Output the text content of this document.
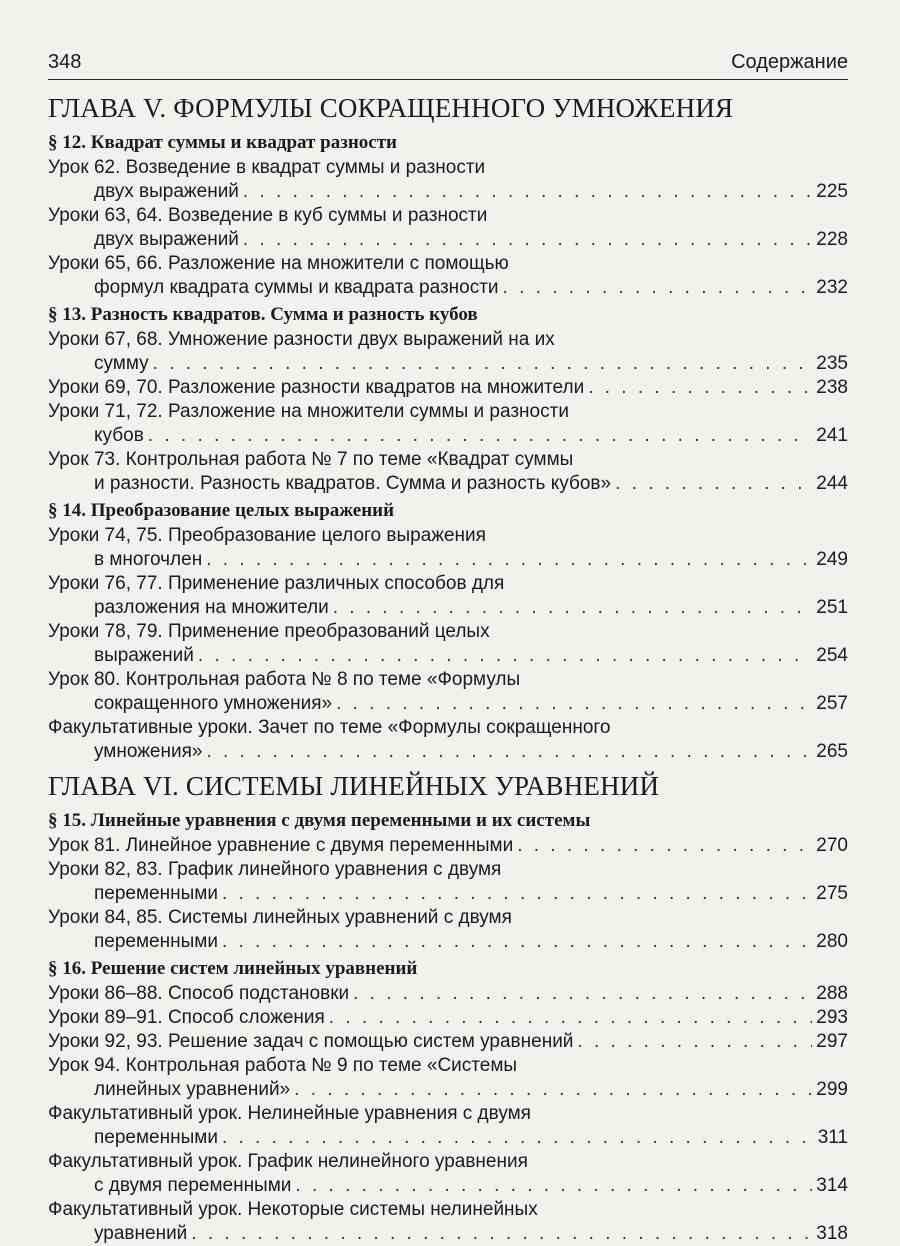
348	Содержание
ГЛАВА V. ФОРМУЛЫ СОКРАЩЕННОГО УМНОЖЕНИЯ
§ 12. Квадрат суммы и квадрат разности
Урок 62. Возведение в квадрат суммы и разности
двух выражений . . .	225
Уроки 63, 64. Возведение в куб суммы и разности
двух выражений . . .	228
Уроки 65, 66. Разложение на множители с помощью
формул квадрата суммы и квадрата разности . . .	232
§ 13. Разность квадратов. Сумма и разность кубов
Уроки 67, 68. Умножение разности двух выражений на их
сумму . . .	235
Уроки 69, 70. Разложение разности квадратов на множители . . .	238
Уроки 71, 72. Разложение на множители суммы и разности
кубов . . .	241
Урок 73. Контрольная работа № 7 по теме «Квадрат суммы
и разности. Разность квадратов. Сумма и разность кубов» . . .	244
§ 14. Преобразование целых выражений
Уроки 74, 75. Преобразование целого выражения
в многочлен . . .	249
Уроки 76, 77. Применение различных способов для
разложения на множители . . .	251
Уроки 78, 79. Применение преобразований целых
выражений . . .	254
Урок 80. Контрольная работа № 8 по теме «Формулы
сокращенного умножения» . . .	257
Факультативные уроки. Зачет по теме «Формулы сокращенного
умножения» . . .	265
ГЛАВА VI. СИСТЕМЫ ЛИНЕЙНЫХ УРАВНЕНИЙ
§ 15. Линейные уравнения с двумя переменными и их системы
Урок 81. Линейное уравнение с двумя переменными . . .	270
Уроки 82, 83. График линейного уравнения с двумя
переменными . . .	275
Уроки 84, 85. Системы линейных уравнений с двумя
переменными . . .	280
§ 16. Решение систем линейных уравнений
Уроки 86–88. Способ подстановки . . .	288
Уроки 89–91. Способ сложения . . .	293
Уроки 92, 93. Решение задач с помощью систем уравнений . . .	297
Урок 94. Контрольная работа № 9 по теме «Системы
линейных уравнений» . . .	299
Факультативный урок. Нелинейные уравнения с двумя
переменными . . .	311
Факультативный урок. График нелинейного уравнения
с двумя переменными . . .	314
Факультативный урок. Некоторые системы нелинейных
уравнений . . .	318
